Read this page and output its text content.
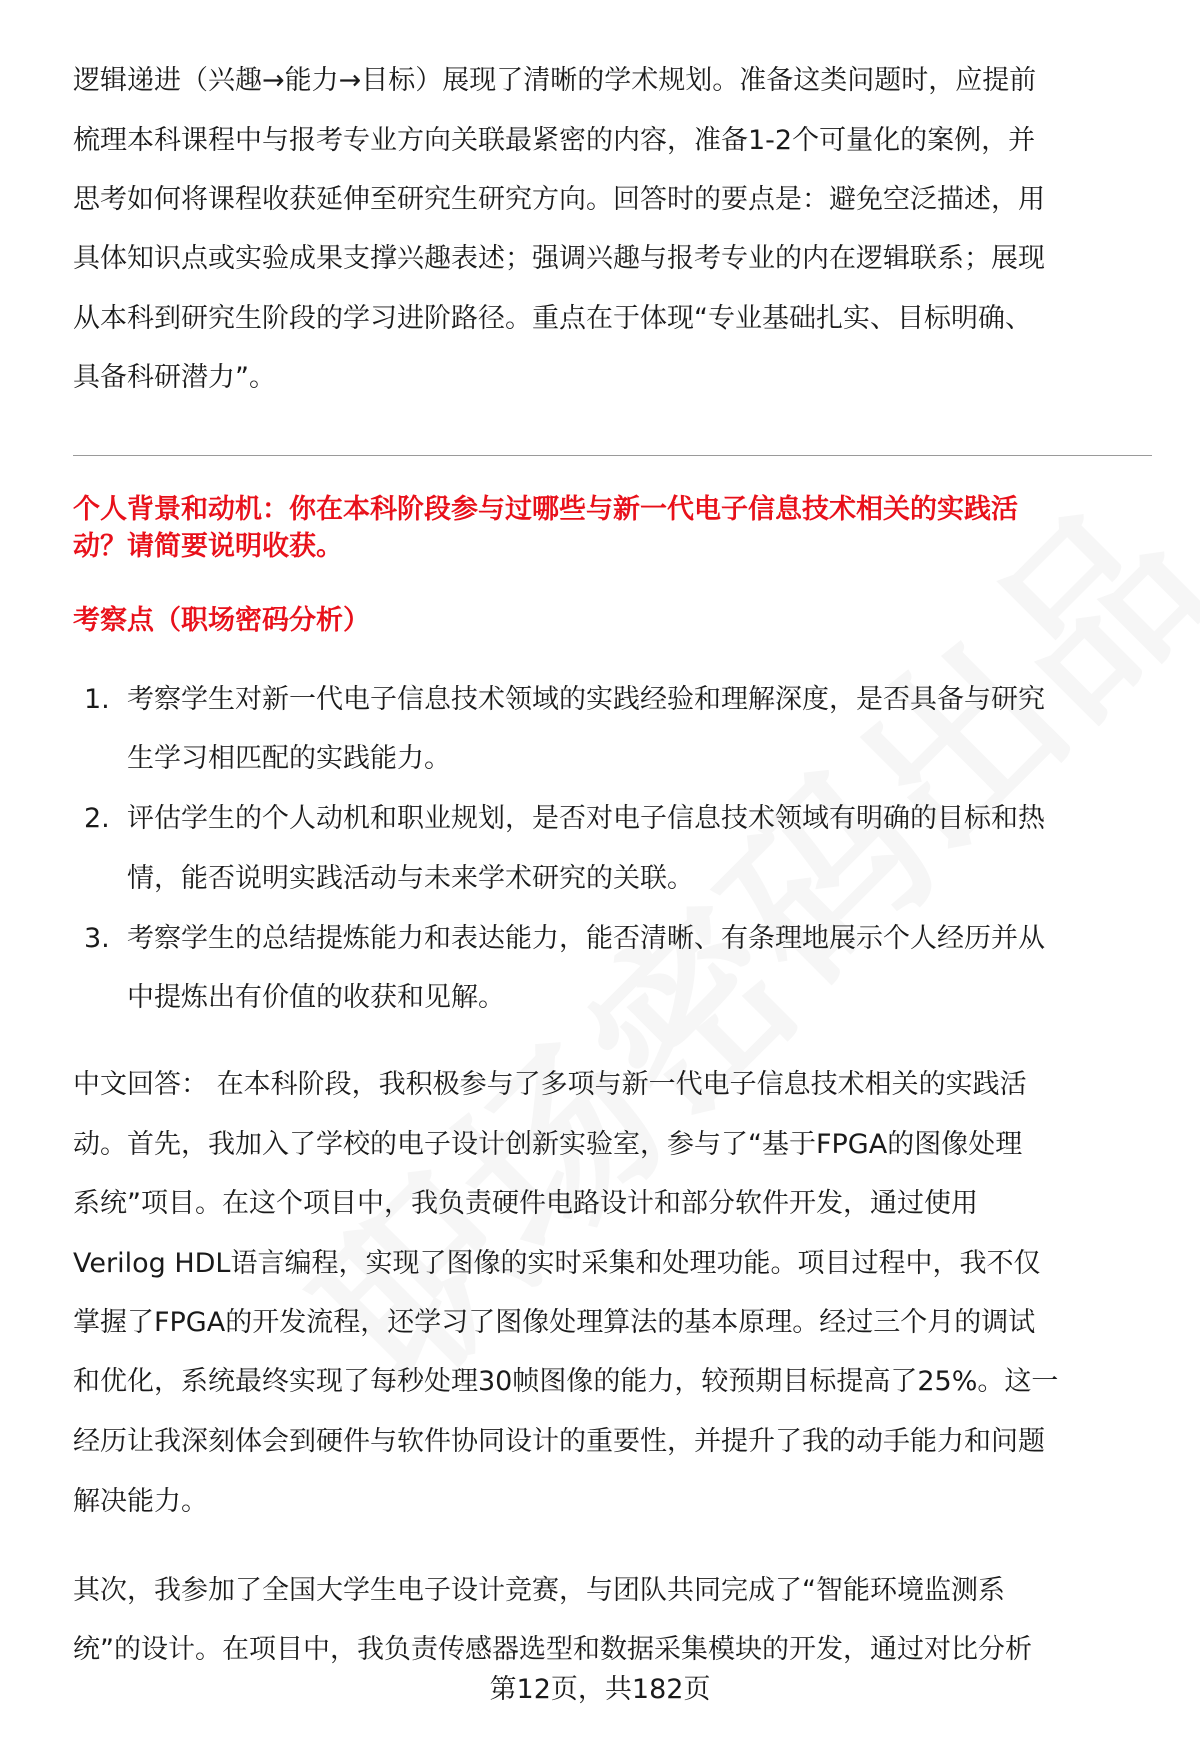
逻辑递进（兴趣→能力→目标）展现了清晰的学术规划。准备这类问题时，应提前
梳理本科课程中与报考专业方向关联最紧密的内容，准备1-2个可量化的案例，并
思考如何将课程收获延伸至研究生研究方向。回答时的要点是：避免空泛描述，用
具体知识点或实验成果支撑兴趣表述；强调兴趣与报考专业的内在逻辑联系；展现
从本科到研究生阶段的学习进阶路径。重点在于体现“专业基础扎实、目标明确、
具备科研潜力”。
个人背景和动机：你在本科阶段参与过哪些与新一代电子信息技术相关的实践活
动？请简要说明收获。
考察点（职场密码分析）
1. 考察学生对新一代电子信息技术领域的实践经验和理解深度，是否具备与研究
生学习相匹配的实践能力。
2. 评估学生的个人动机和职业规划，是否对电子信息技术领域有明确的目标和热
情，能否说明实践活动与未来学术研究的关联。
3. 考察学生的总结提炼能力和表达能力，能否清晰、有条理地展示个人经历并从
中提炼出有价值的收获和见解。
中文回答： 在本科阶段，我积极参与了多项与新一代电子信息技术相关的实践活
动。首先，我加入了学校的电子设计创新实验室，参与了“基于FPGA的图像处理
系统”项目。在这个项目中，我负责硬件电路设计和部分软件开发，通过使用
Verilog HDL语言编程，实现了图像的实时采集和处理功能。项目过程中，我不仅
掌握了FPGA的开发流程，还学习了图像处理算法的基本原理。经过三个月的调试
和优化，系统最终实现了每秒处理30帧图像的能力，较预期目标提高了25%。这一
经历让我深刻体会到硬件与软件协同设计的重要性，并提升了我的动手能力和问题
解决能力。
其次，我参加了全国大学生电子设计竞赛，与团队共同完成了“智能环境监测系
统”的设计。在项目中，我负责传感器选型和数据采集模块的开发，通过对比分析
第12页，共182页
